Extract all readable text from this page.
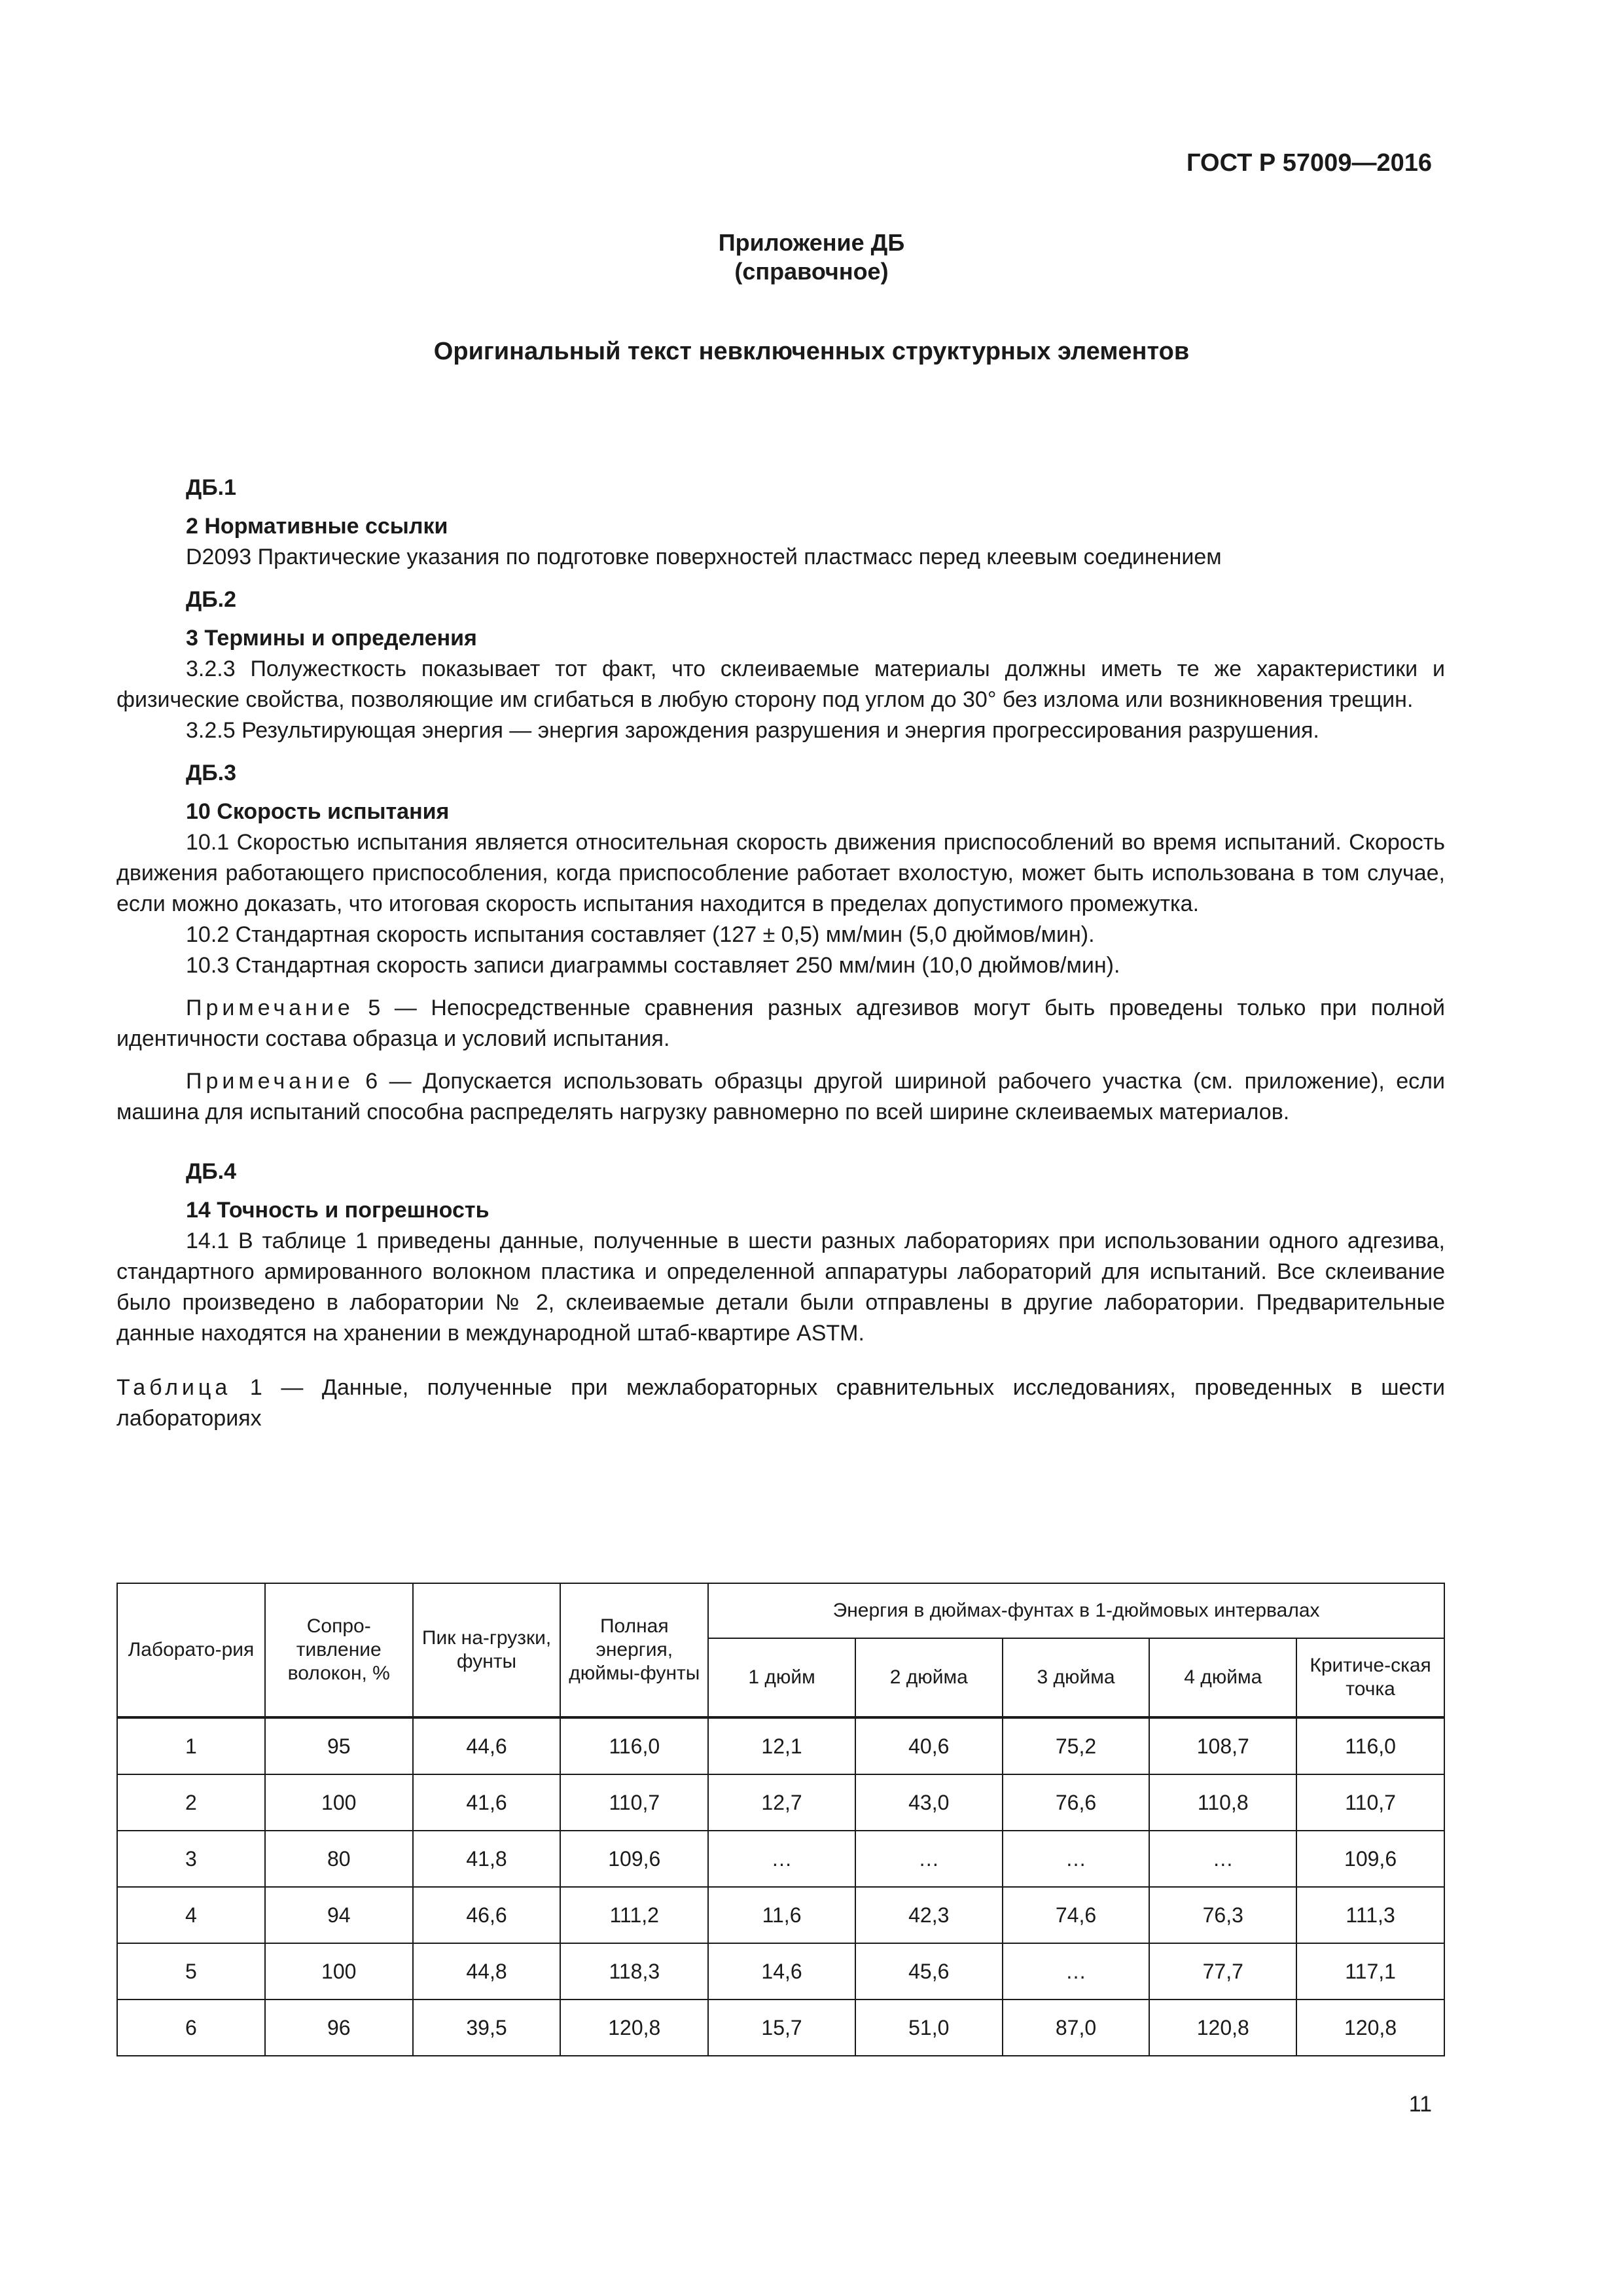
ГОСТ Р 57009—2016
Приложение ДБ
(справочное)
Оригинальный текст невключенных структурных элементов
ДБ.1
2 Нормативные ссылки
D2093 Практические указания по подготовке поверхностей пластмасс перед клеевым соединением
ДБ.2
3 Термины и определения
3.2.3 Полужесткость показывает тот факт, что склеиваемые материалы должны иметь те же характеристики и физические свойства, позволяющие им сгибаться в любую сторону под углом до 30° без излома или возникновения трещин.
3.2.5 Результирующая энергия — энергия зарождения разрушения и энергия прогрессирования разрушения.
ДБ.3
10 Скорость испытания
10.1 Скоростью испытания является относительная скорость движения приспособлений во время испытаний. Скорость движения работающего приспособления, когда приспособление работает вхолостую, может быть использована в том случае, если можно доказать, что итоговая скорость испытания находится в пределах допустимого промежутка.
10.2 Стандартная скорость испытания составляет (127 ± 0,5) мм/мин (5,0 дюймов/мин).
10.3 Стандартная скорость записи диаграммы составляет 250 мм/мин (10,0 дюймов/мин).
Примечание 5 — Непосредственные сравнения разных адгезивов могут быть проведены только при полной идентичности состава образца и условий испытания.
Примечание 6 — Допускается использовать образцы другой шириной рабочего участка (см. приложение), если машина для испытаний способна распределять нагрузку равномерно по всей ширине склеиваемых материалов.
ДБ.4
14 Точность и погрешность
14.1 В таблице 1 приведены данные, полученные в шести разных лабораториях при использовании одного адгезива, стандартного армированного волокном пластика и определенной аппаратуры лабораторий для испытаний. Все склеивание было произведено в лаборатории № 2, склеиваемые детали были отправлены в другие лаборатории. Предварительные данные находятся на хранении в международной штаб-квартире ASTM.
Таблица 1 — Данные, полученные при межлабораторных сравнительных исследованиях, проведенных в шести лабораториях
Лаборато-рия	Сопро-тивление волокон, %	Пик на-грузки, фунты	Полная энергия, дюймы-фунты	Энергия в дюймах-фунтах в 1-дюймовых интервалах				
				1 дюйм	2 дюйма	3 дюйма	4 дюйма	Критиче-ская точка
1	95	44,6	116,0	12,1	40,6	75,2	108,7	116,0
2	100	41,6	110,7	12,7	43,0	76,6	110,8	110,7
3	80	41,8	109,6	…	…	…	…	109,6
4	94	46,6	111,2	11,6	42,3	74,6	76,3	111,3
5	100	44,8	118,3	14,6	45,6	…	77,7	117,1
6	96	39,5	120,8	15,7	51,0	87,0	120,8	120,8
11
